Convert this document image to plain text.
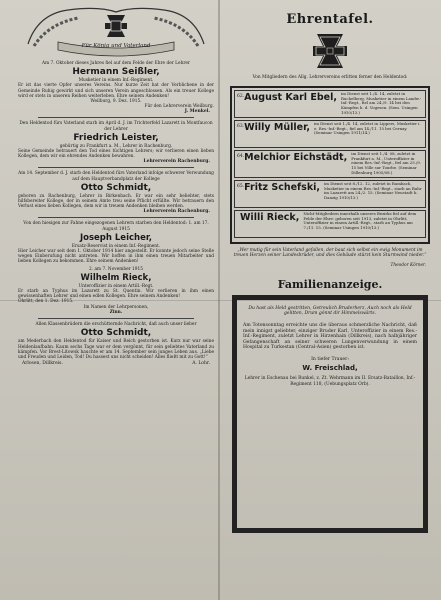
Für König und Vaterland

Am 7. Oktober dieses Jahres fiel auf dem Felde der Ehre der Lehrer

Hermann Seißler,

Musketier in einem Inf.-Regiment.

Er ist das vierte Opfer unseres Vereins. Nur kurze Zeit hat der Verblichene in der Gemeinde Ruhig gewirkt und sich unseren Verein angeschlossen. Als ein treuer Kollege wird er stets in unseren Reihen weiterleben. Ehre seinem Andenken!

Weilburg, 9. Dez. 1915.

Für den Lehrerverein Weilburg.

J. Menkel.

Den Heldentod fürs Vaterland starb im April d. J. im Trichterfeld Lazarett in Montfaucon der Lehrer

Friedrich Leister,

gebürtig zu Frankfurt a. M., Lehrer in Rachenburg.

Seine Gemeinde betrauert den Tod eines tüchtigen Lehrers; wir verlieren einen lieben Kollegen, dem wir ein ehrendes Andenken bewahren.

Lehrerverein Rachenburg.

Am 14. September d. J. starb den Heldentod fürs Vaterland infolge schwerer Verwundung auf dem Hauptverbandplatz der Kollege

Otto Schmidt,

geboren zu Rachenburg, Lehrer in Birkenbach. Er war ein sehr beliebter, stets hilfsbereiter Kollege, der in seinem Amte treu seine Pflicht erfüllte. Wir betrauern den Verlust eines lieben Kollegen, dem wir in treuem Andenken bleiben werden.

Lehrerverein Rachenburg.

Von den hiesigen zur Fahne eingezogenen Lehrern starben den Heldentod: 1. am 17. August 1915

Joseph Leicher,

Ersatz-Reservist in einem Inf.-Regiment.

Hier Leicher war seit dem 1. Oktober 1914 hier angestellt. Er konnte jedoch seine Stelle wegen Einberufung nicht antreten. Wir hoffen in ihm einen treuen Mitarbeiter und lieben Kollegen zu bekommen. Ehre seinem Andenken!

2. am 7. November 1915

Wilhelm Rieck,

Unteroffizier in einem Artill.-Regt.

Er starb an Typhus im Lazarett zu St. Quentin. Wir verlieren in ihm einen gewissenhaften Lehrer und einen edlen Kollegen. Ehre seinem Andenken!

Ohrlitt, den 1. Dez. 1915.

Im Namen der Lehrpersonen,

Zinn.

Allen Klassenbrüdern die erschütternde Nachricht, daß auch unser lieber

Otto Schmidt,

am Mederbach den Heldentod für Kaiser und Reich gestorben ist. Kurz nur war seine Heldenlaufbahn. Kaum sechs Tage war er dem vergönnt, für sein geliebtes Vaterland zu kämpfen. Vor Brest-Litowsk hauchte er am 14. September sein junges Leben aus. „Liebe und Freuden und Leiden, Tod! Du hassest uns nicht scheiden! Alles fließt mit zu Gott!“

Arlosen, Dillkreis.	A. Lohr.
Ehrentafel.

Von Mitgliedern des Allg. Lehrervereins erlitten ferner den Heldentod:

62. August Karl Ebel, im Dienst seit 1./4. 14, zuletzt in Ruchelberg, Musketier in einem Landw.-Inf.-Regt., fiel am 24./9. 14 bei den Kämpfen b. d. Vogesen. (Sem. Usingen 1910/13.)
63. Willy Müller, im Dienst seit 1./4. 14, zuletzt in Lippers, Musketier i. e. Res.-Inf.-Regt., fiel am 14./11. 15 bei Cernay. (Seminar Usingen 1911/14.)
64. Melchior Eichstädt, im Dienst seit 1./4. 08, zuletzt in Frankfurt a. M., Unteroffizier in einem Res.-Inf.-Regt., fiel am 25./9. 15 bei Ville sur Tourbe. (Seminar Dillenburg 1905/08.)
65. Fritz Schefski, im Dienst seit 8./12. 12, zuletzt in Rambach, Musketier in einem Res.-Inf.-Regt., starb an Ruhr im Lazarett am 24./2. 15. (Seminar Neustadt b. Danzig 1910/13.)
Willi Rieck, Nicht-Mitgliedern innerhalb unseres Bezirks fiel auf dem Felde der Ehre: geboren seit 1913, zuletzt in Ohrlitt, Unteroffizier in einem Artill.-Regt., starb an Typhus am 7./11. 15. (Seminar Usingen 1910/13.)

„Wer mutig für sein Vaterland gefallen, der baut sich selbst ein ewig Monument im treuen Herzen seiner Landesbrüder, und dies Gebäude stürzt kein Sturmwind nieder.“

Theodor Körner.

Familienanzeige.

Du hast als Held gestritten, Getreulich Bruderherz, Auch noch als Held gelitten, Drum gönnt dir Himmelswärts.

Am Totensonntag erreichte uns die überaus schmerzliche Nachricht, daß mein innigst geliebter, einziger Bruder Karl, Unteroffizier in einem Res.-Inf.-Regiment, zuletzt Lehrer in Hirzenhain (Dillkreis), nach halbjähriger Gefangenschaft an seiner schweren Lungenverwundung in einem Hospital zu Turkestan (Central-Asien) gestorben ist.

In tiefer Trauer:

W. Freischlad,

Lehrer in Eschenau bei Runkel, z. Zt. Wehrmann im II. Ersatz-Bataillon, Inf.-Regiment 118, (Uebungsplatz Orb).
